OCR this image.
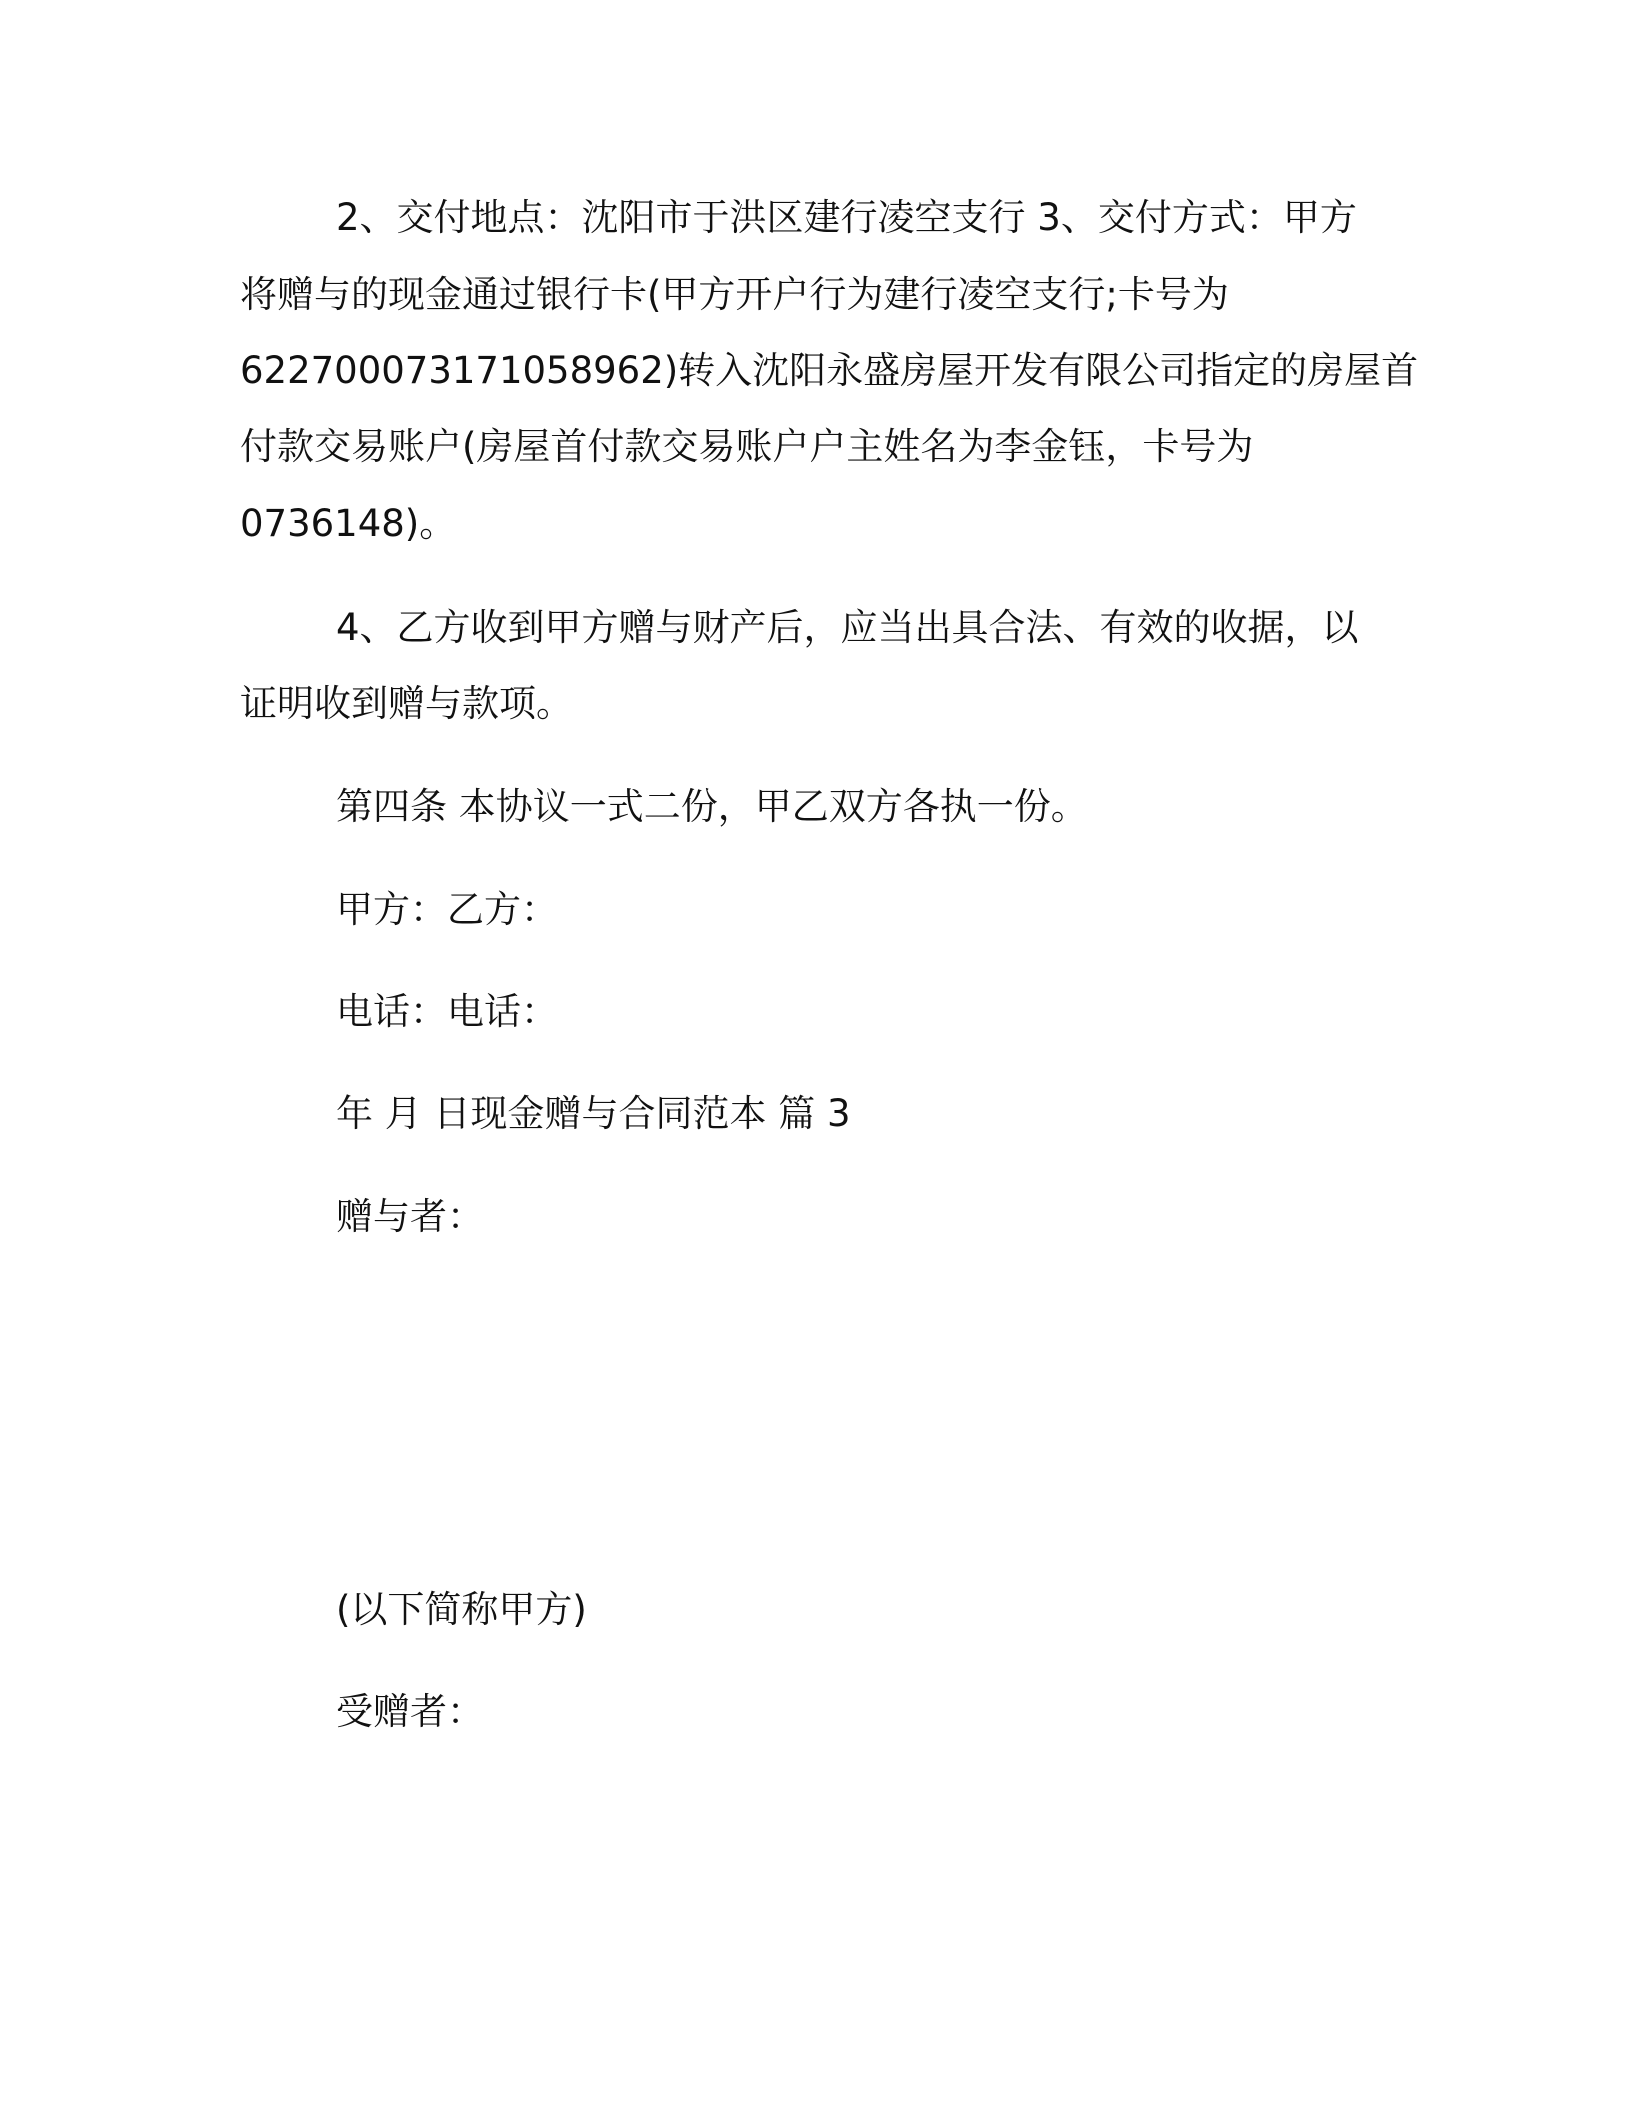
2、交付地点：沈阳市于洪区建行凌空支行 3、交付方式：甲方
将赠与的现金通过银行卡(甲方开户行为建行凌空支行;卡号为
6227000731710589​62)转入沈阳永盛房屋开发有限公司指定的房屋首
付款交易账户(房屋首付款交易账户户主姓名为李金钰，卡号为
0736148)。
4、乙方收到甲方赠与财产后，应当出具合法、有效的收据，以
证明收到赠与款项。
第四条 本协议一式二份，甲乙双方各执一份。
甲方：乙方：
电话：电话：
年 月 日现金赠与合同范本 篇 3
赠与者：
(以下简称甲方)
受赠者：
